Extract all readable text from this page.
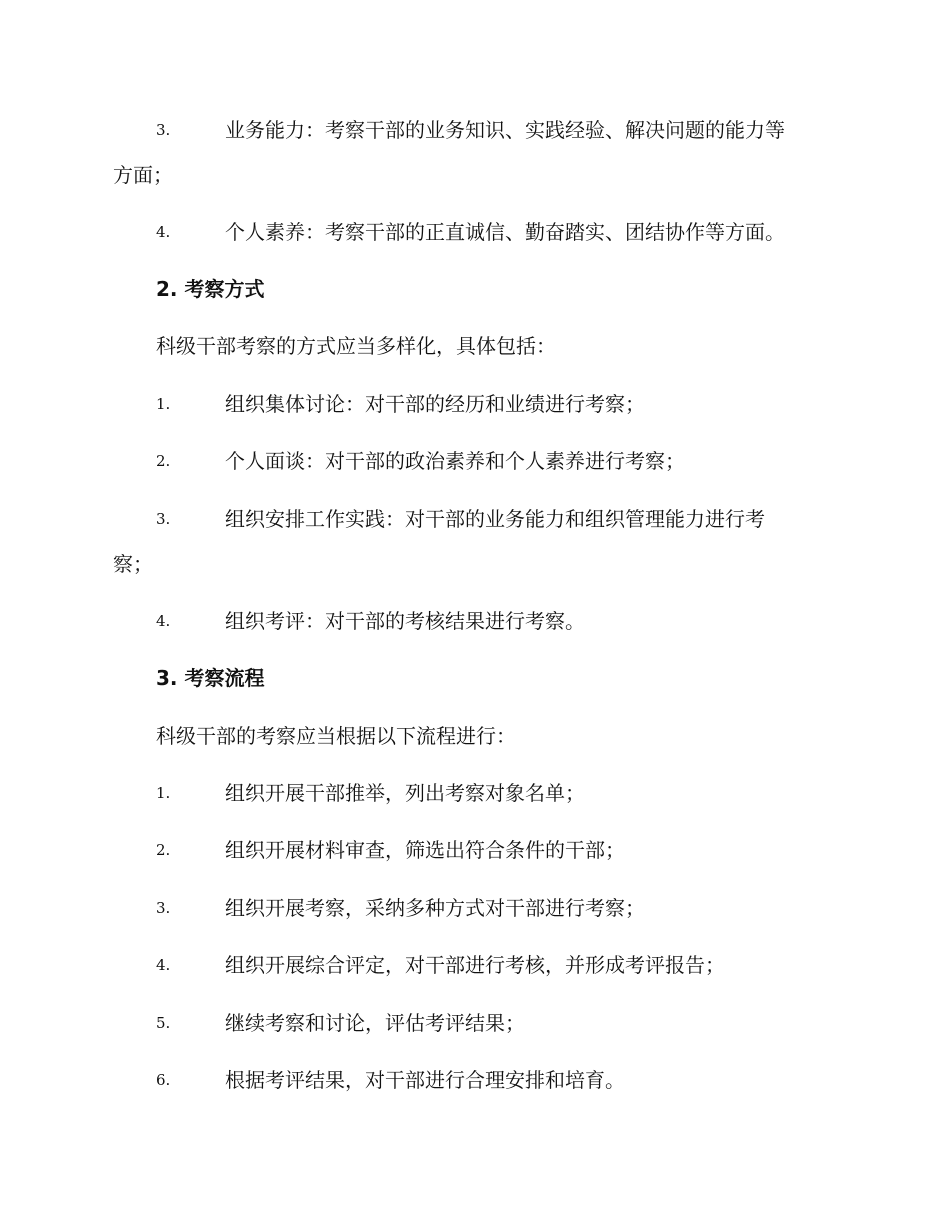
3.	业务能力：考察干部的业务知识、实践经验、解决问题的能力等
方面；
4.	个人素养：考察干部的正直诚信、勤奋踏实、团结协作等方面。
2. 考察方式
科级干部考察的方式应当多样化，具体包括：
1.	组织集体讨论：对干部的经历和业绩进行考察；
2.	个人面谈：对干部的政治素养和个人素养进行考察；
3.	组织安排工作实践：对干部的业务能力和组织管理能力进行考
察；
4.	组织考评：对干部的考核结果进行考察。
3. 考察流程
科级干部的考察应当根据以下流程进行：
1.	组织开展干部推举，列出考察对象名单；
2.	组织开展材料审查，筛选出符合条件的干部；
3.	组织开展考察，采纳多种方式对干部进行考察；
4.	组织开展综合评定，对干部进行考核，并形成考评报告；
5.	继续考察和讨论，评估考评结果；
6.	根据考评结果，对干部进行合理安排和培育。
